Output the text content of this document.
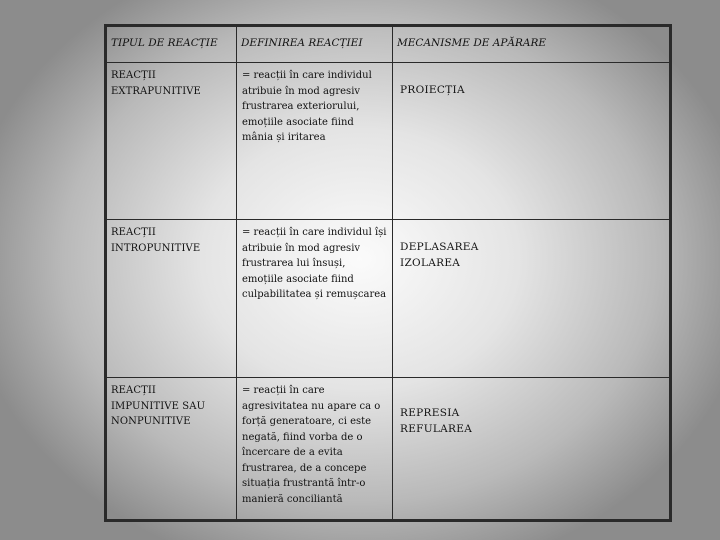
TIPUL DE REACȚIE	DEFINIREA REACȚIEI	MECANISME DE APĂRARE

REACȚII
EXTRAPUNITIVE	= reacții în care individul atribuie în mod agresiv frustrarea exteriorului, emoțiile asociate fiind mânia și iritarea	PROIECȚIA

REACȚII
INTROPUNITIVE	= reacții în care individul își atribuie în mod agresiv frustrarea lui însuși, emoțiile asociate fiind culpabilitatea și remușcarea	DEPLASAREA
IZOLAREA

REACȚII
IMPUNITIVE SAU
NONPUNITIVE	= reacții în care agresivitatea nu apare ca o forță generatoare, ci este negată, fiind vorba de o încercare de a evita frustrarea, de a concepe situația frustrantă într-o manieră conciliantă	REPRESIA
REFULAREA
